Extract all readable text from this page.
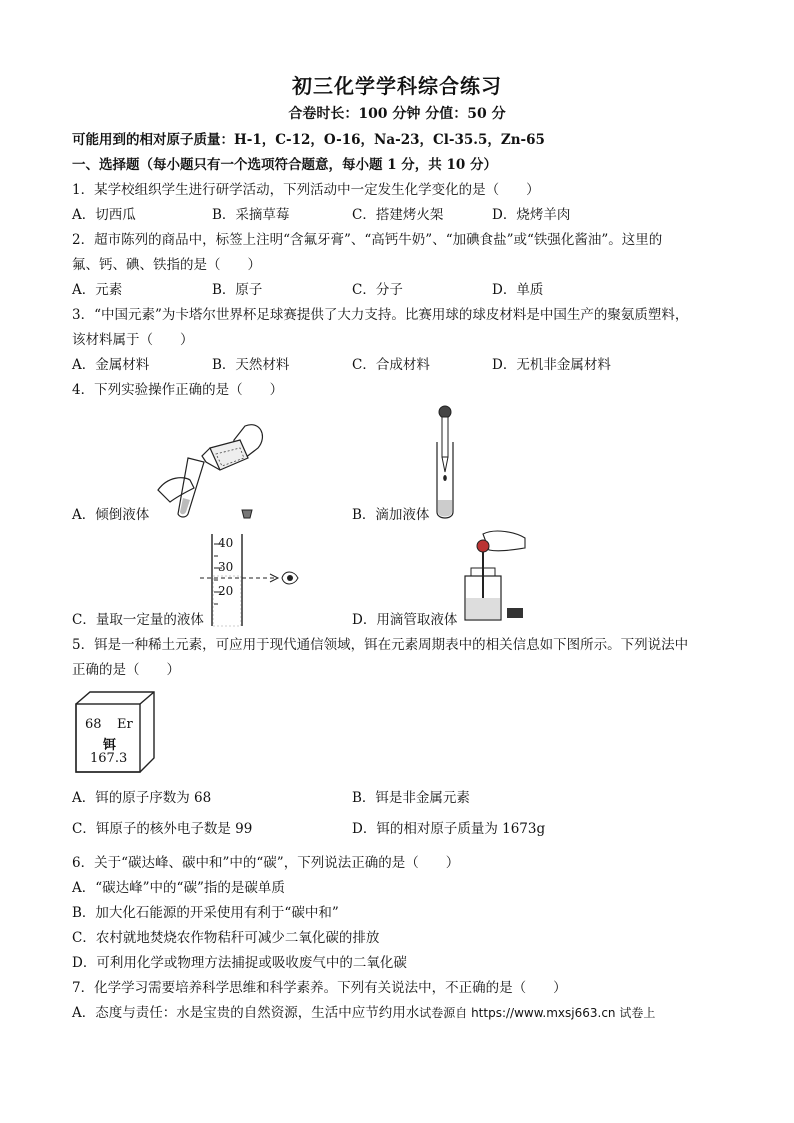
初三化学学科综合练习
合卷时长：100 分钟 分值：50 分
可能用到的相对原子质量：H-1，C-12，O-16，Na-23，Cl-35.5，Zn-65
一、选择题（每小题只有一个选项符合题意，每小题 1 分，共 10 分）
1．某学校组织学生进行研学活动，下列活动中一定发生化学变化的是（　　）
A．切西瓜	B．采摘草莓	C．搭建烤火架	D．烧烤羊肉
2．超市陈列的商品中，标签上注明“含氟牙膏”、“高钙牛奶”、“加碘食盐”或“铁强化酱油”。这里的
氟、钙、碘、铁指的是（　　）
A．元素	B．原子	C．分子	D．单质
3．“中国元素”为卡塔尔世界杯足球赛提供了大力支持。比赛用球的球皮材料是中国生产的聚氨质塑料，
该材料属于（　　）
A．金属材料	B．天然材料	C．合成材料	D．无机非金属材料
4．下列实验操作正确的是（　　）
A．倾倒液体	B．滴加液体
40
30
20
C．量取一定量的液体	D．用滴管取液体
5．铒是一种稀土元素，可应用于现代通信领域，铒在元素周期表中的相关信息如下图所示。下列说法中
正确的是（　　）
68 Er
铒
167.3
A．铒的原子序数为 68	B．铒是非金属元素
C．铒原子的核外电子数是 99	D．铒的相对原子质量为 1673g
6．关于“碳达峰、碳中和”中的“碳”，下列说法正确的是（　　）
A．“碳达峰”中的“碳”指的是碳单质
B．加大化石能源的开采使用有利于“碳中和”
C．农村就地焚烧农作物秸秆可减少二氧化碳的排放
D．可利用化学或物理方法捕捉或吸收废气中的二氧化碳
7．化学学习需要培养科学思维和科学素养。下列有关说法中，不正确的是（　　）
A．态度与责任：水是宝贵的自然资源，生活中应节约用水试卷源自 https://www.mxsj663.cn 试卷上
